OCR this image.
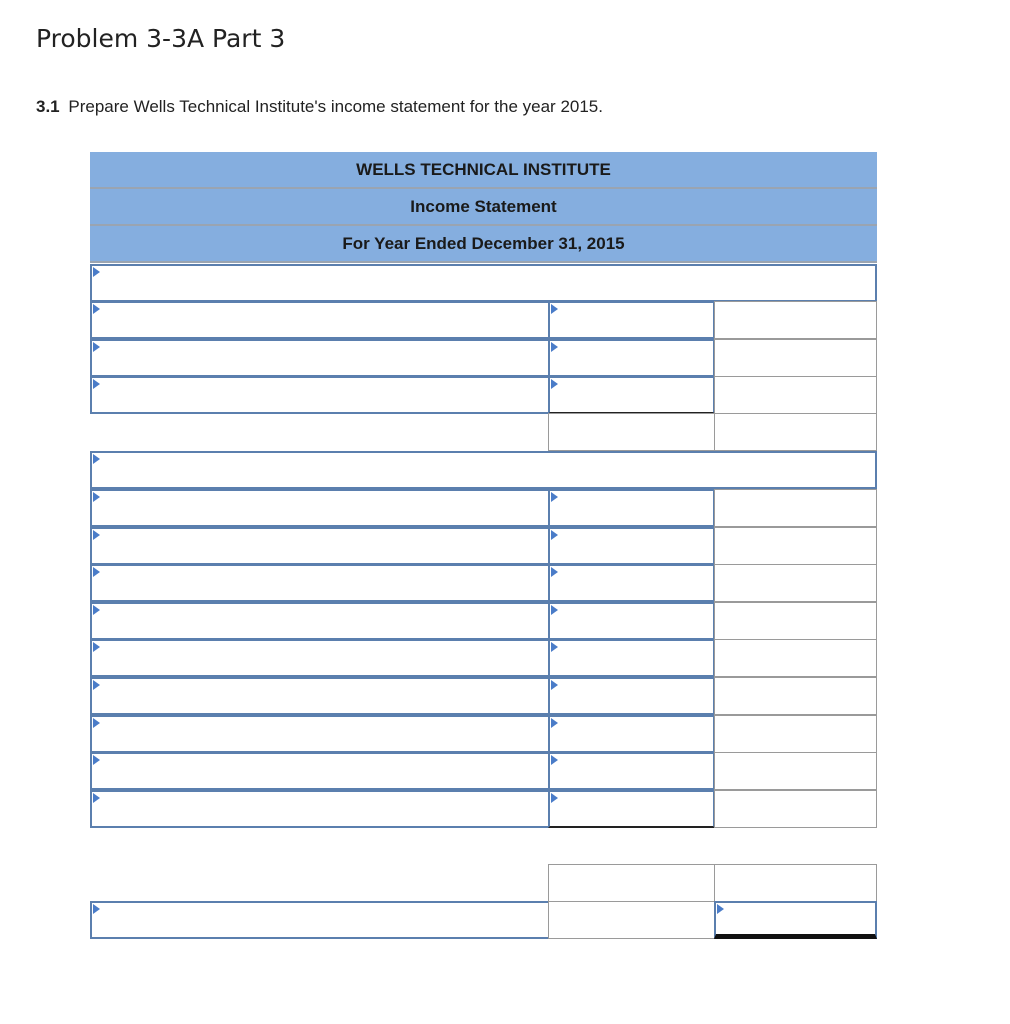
Problem 3-3A Part 3
3.1 Prepare Wells Technical Institute's income statement for the year 2015.
WELLS TECHNICAL INSTITUTE
Income Statement
For Year Ended December 31, 2015
